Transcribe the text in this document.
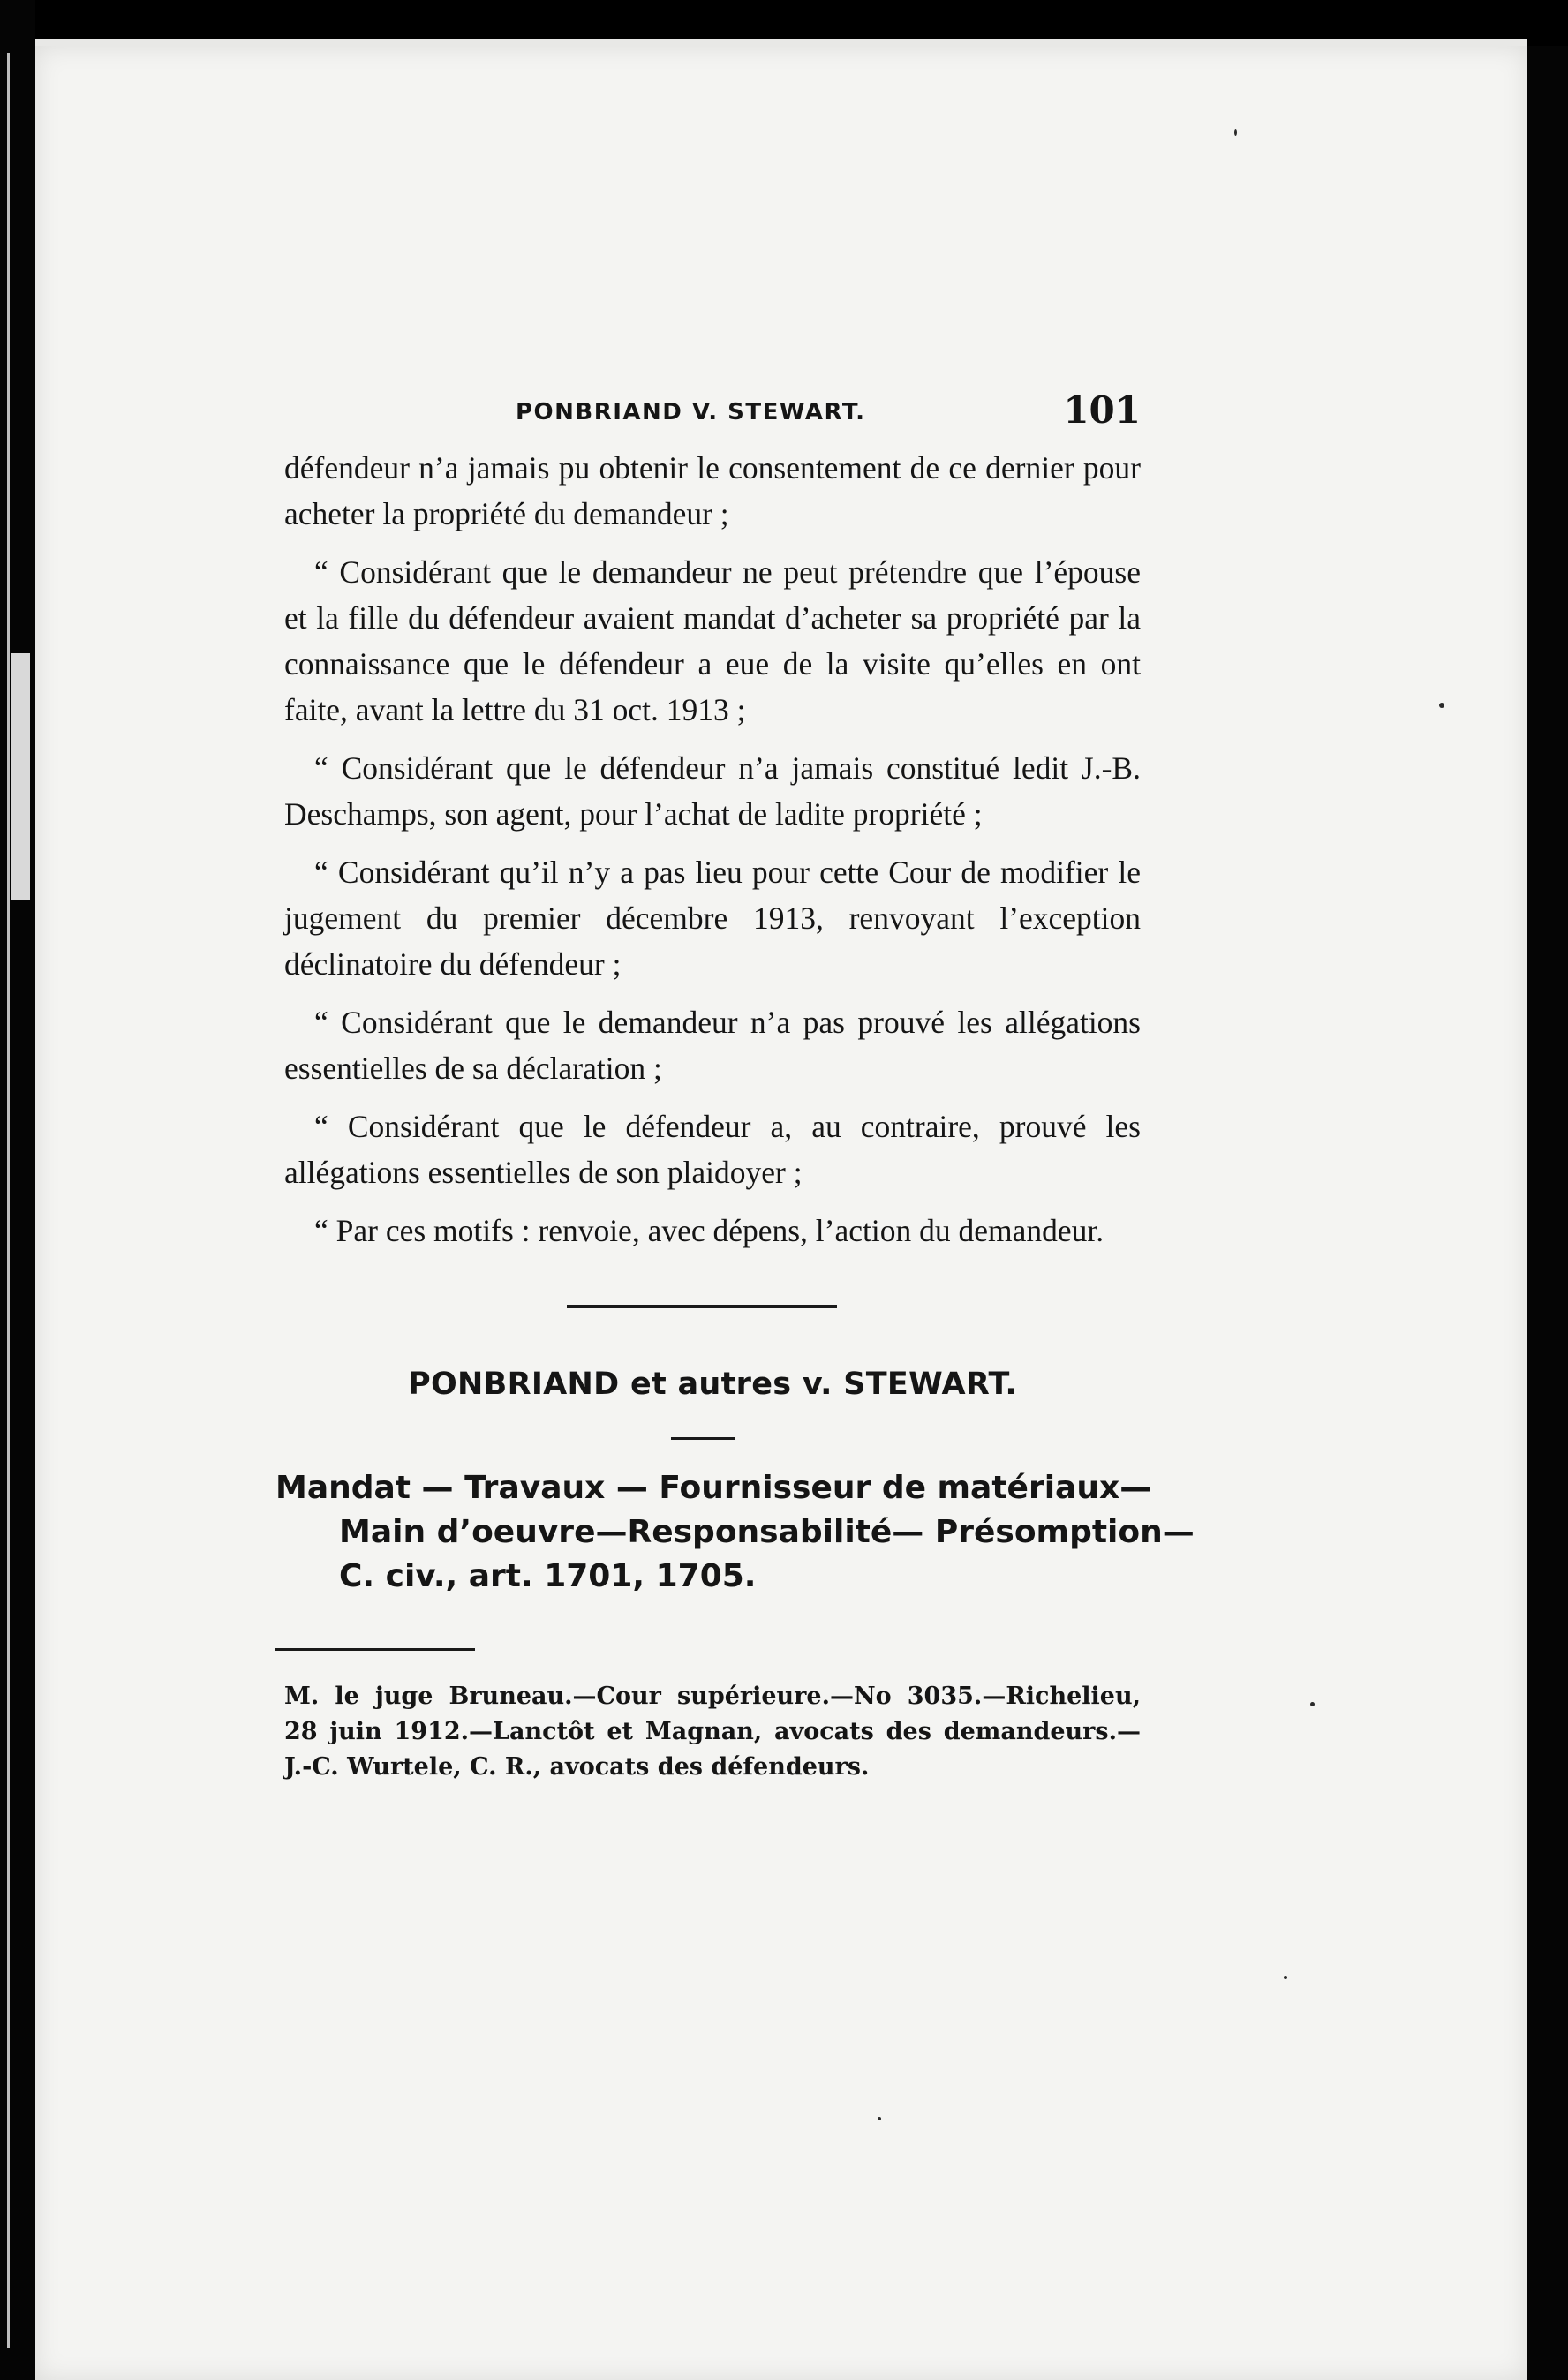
PONBRIAND V. STEWART.	101

défendeur n’a jamais pu obtenir le consentement de ce dernier pour acheter la propriété du demandeur ;

“ Considérant que le demandeur ne peut prétendre que l’épouse et la fille du défendeur avaient mandat d’acheter sa propriété par la connaissance que le défendeur a eue de la visite qu’elles en ont faite, avant la lettre du 31 oct. 1913 ;

“ Considérant que le défendeur n’a jamais constitué ledit J.-B. Deschamps, son agent, pour l’achat de ladite propriété ;

“ Considérant qu’il n’y a pas lieu pour cette Cour de modifier le jugement du premier décembre 1913, renvoyant l’exception déclinatoire du défendeur ;

“ Considérant que le demandeur n’a pas prouvé les allégations essentielles de sa déclaration ;

“ Considérant que le défendeur a, au contraire, prouvé les allégations essentielles de son plaidoyer ;

“ Par ces motifs : renvoie, avec dépens, l’action du demandeur.

PONBRIAND et autres v. STEWART.
Mandat — Travaux — Fournisseur de matériaux—
Main d’oeuvre—Responsabilité— Présomption—
C. civ., art. 1701, 1705.
M. le juge Bruneau.—Cour supérieure.—No 3035.—Richelieu, 28 juin 1912.—Lanctôt et Magnan, avocats des demandeurs.—J.-C. Wurtele, C. R., avocats des défendeurs.
